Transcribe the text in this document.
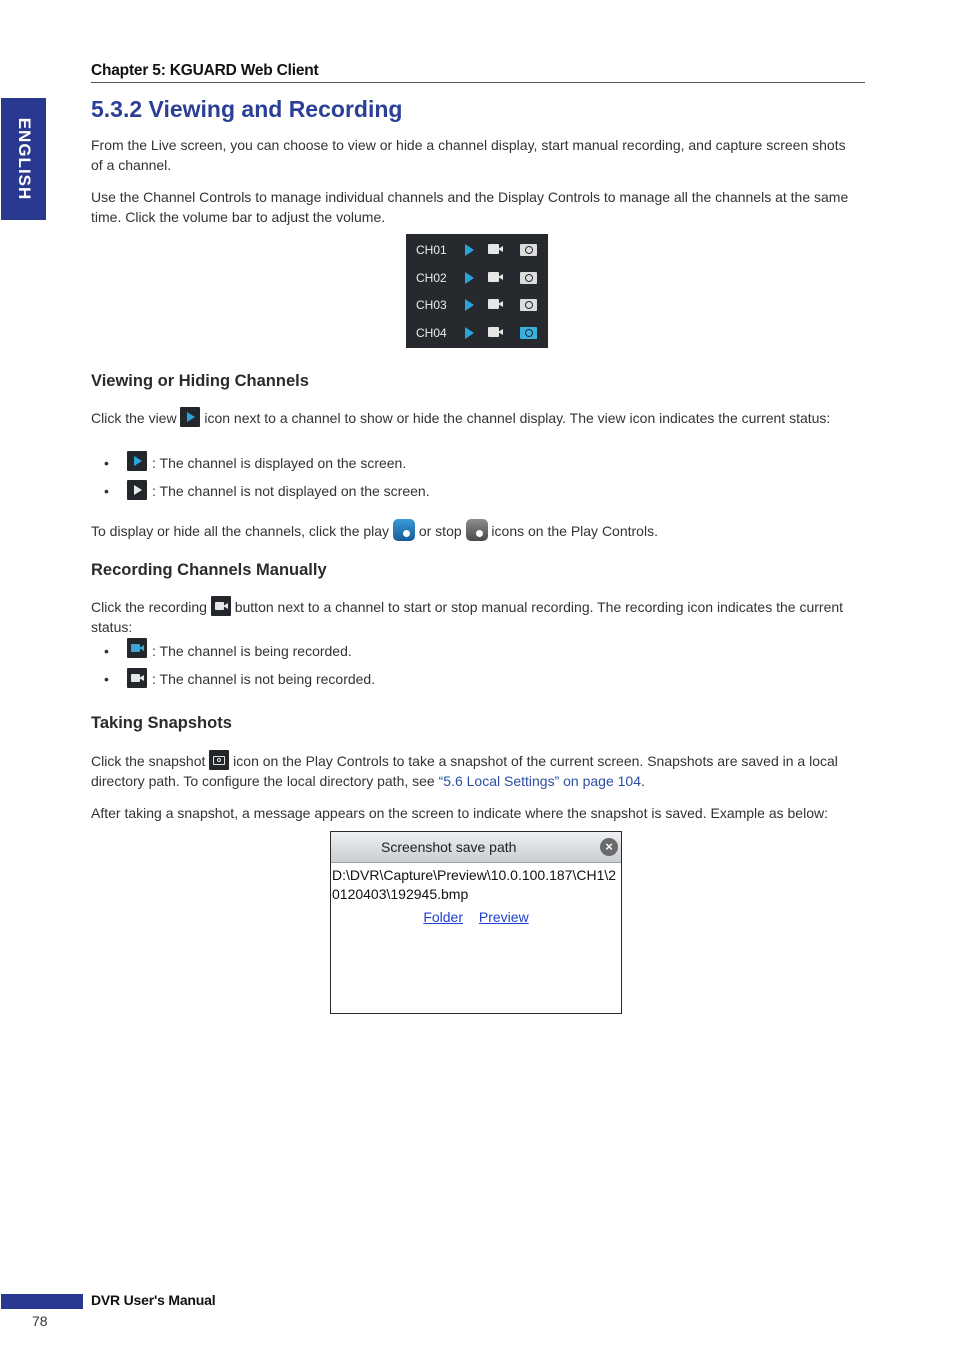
Chapter 5: KGUARD Web Client
ENGLISH
5.3.2 Viewing and Recording

From the Live screen, you can choose to view or hide a channel display, start manual recording, and capture screen shots of a channel.

Use the Channel Controls to manage individual channels and the Display Controls to manage all the channels at the same time. Click the volume bar to adjust the volume.

CH01
CH02
CH03
CH04
Viewing or Hiding Channels

Click the view  icon next to a channel to show or hide the channel display. The view icon indicates the current status:

•	: The channel is displayed on the screen.
•	: The channel is not displayed on the screen.

To display or hide all the channels, click the play  or stop  icons on the Play Controls.

Recording Channels Manually

Click the recording  button next to a channel to start or stop manual recording. The recording icon indicates the current status:

•	: The channel is being recorded.
•	: The channel is not being recorded.
Taking Snapshots

Click the snapshot  icon on the Play Controls to take a snapshot of the current screen. Snapshots are saved in a local directory path. To configure the local directory path, see “5.6 Local Settings” on page 104.

After taking a snapshot, a message appears on the screen to indicate where the snapshot is saved. Example as below:

Screenshot save path	×
D:\DVR\Capture\Preview\10.0.100.187\CH1\20120403\192945.bmp
Folder Preview
DVR User's Manual
78
